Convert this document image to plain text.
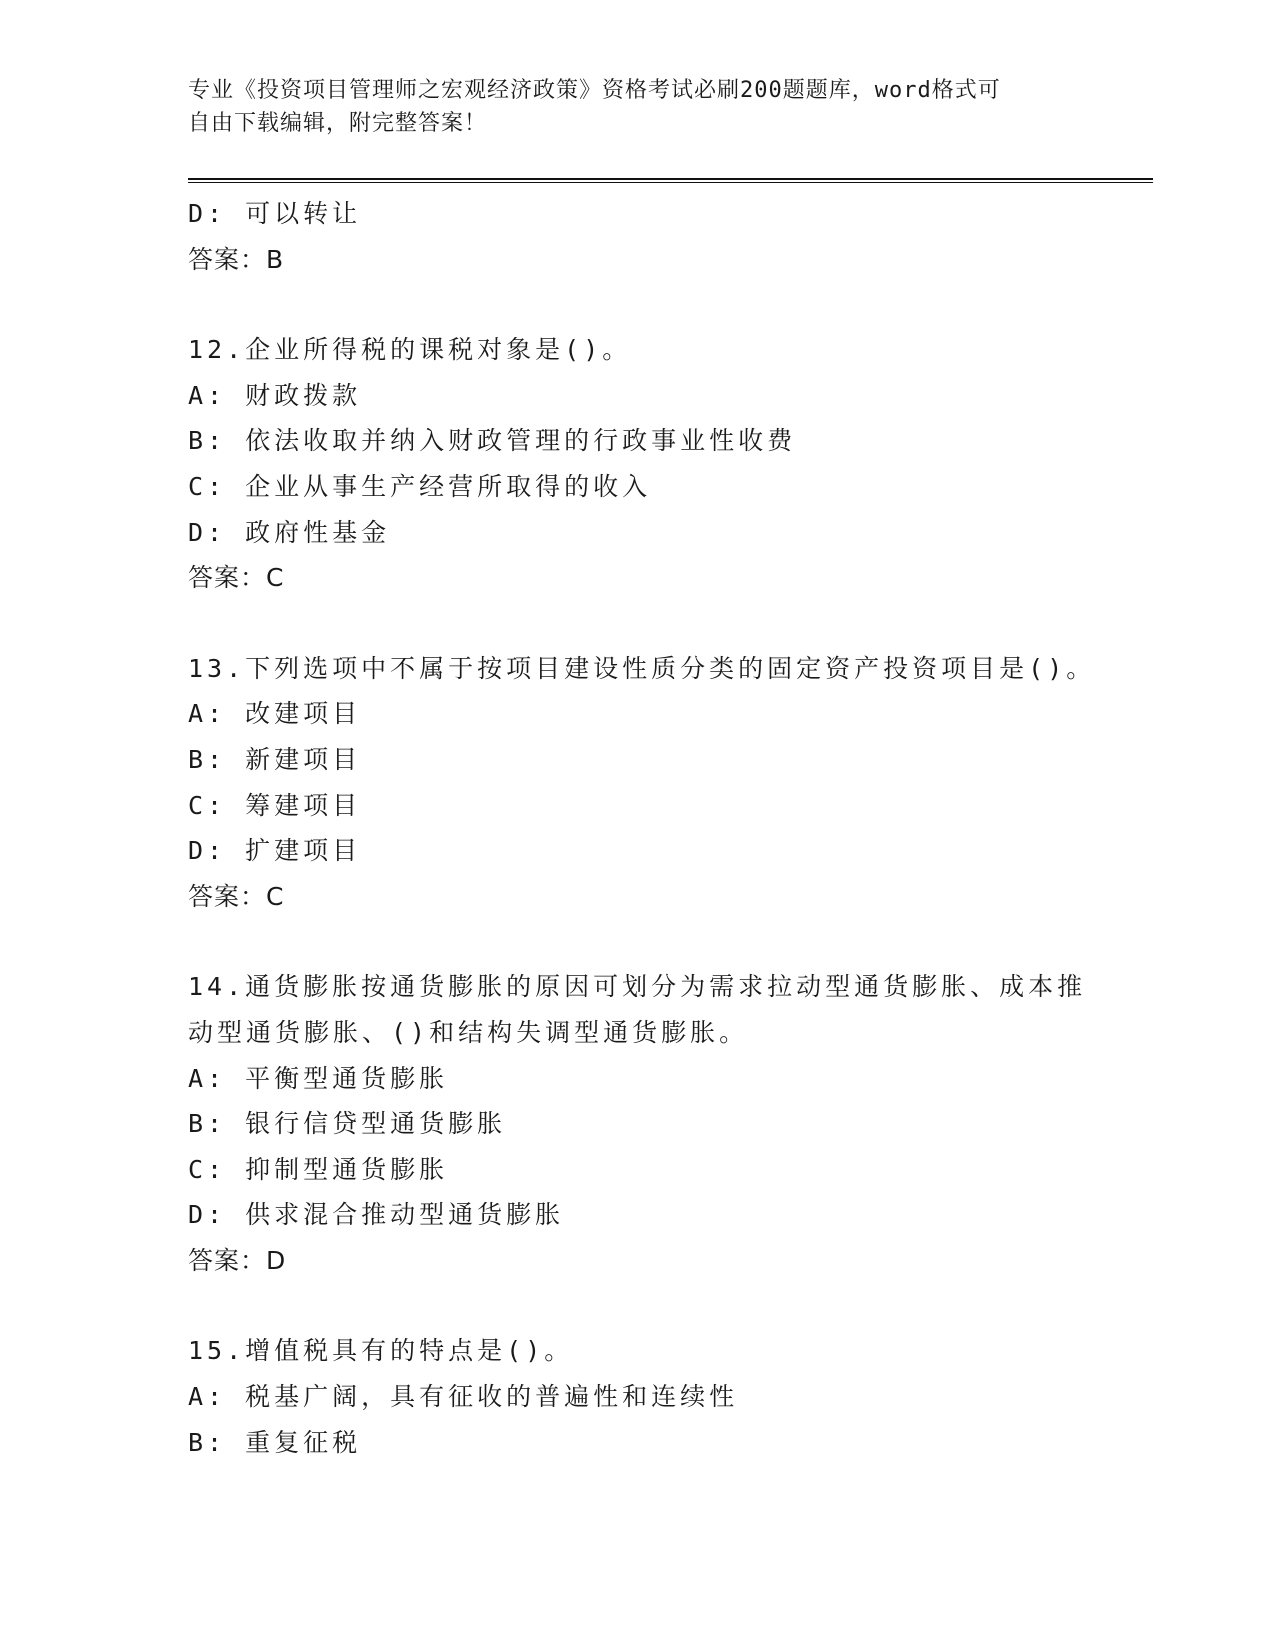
专业《投资项目管理师之宏观经济政策》资格考试必刷200题题库，word格式可
自由下载编辑，附完整答案！
D: 可以转让
答案：B
12.企业所得税的课税对象是()。
A: 财政拨款
B: 依法收取并纳入财政管理的行政事业性收费
C: 企业从事生产经营所取得的收入
D: 政府性基金
答案：C
13.下列选项中不属于按项目建设性质分类的固定资产投资项目是()。
A: 改建项目
B: 新建项目
C: 筹建项目
D: 扩建项目
答案：C
14.通货膨胀按通货膨胀的原因可划分为需求拉动型通货膨胀、成本推
动型通货膨胀、()和结构失调型通货膨胀。
A: 平衡型通货膨胀
B: 银行信贷型通货膨胀
C: 抑制型通货膨胀
D: 供求混合推动型通货膨胀
答案：D
15.增值税具有的特点是()。
A: 税基广阔，具有征收的普遍性和连续性
B: 重复征税
